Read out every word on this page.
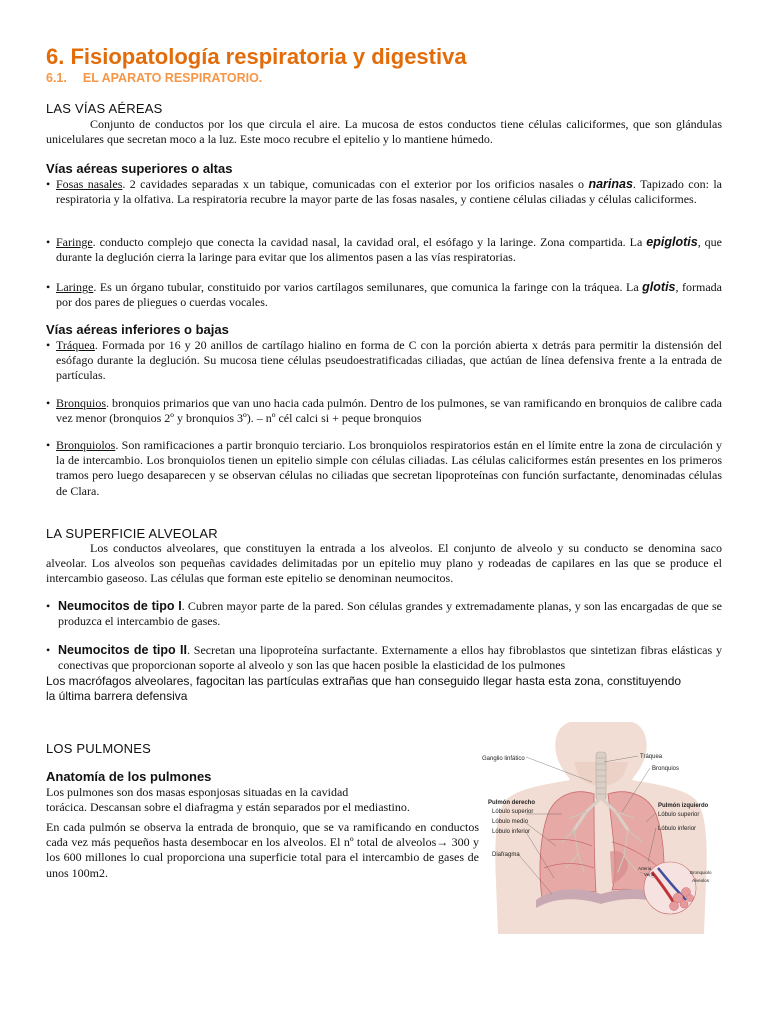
6. Fisiopatología respiratoria y digestiva
6.1. EL APARATO RESPIRATORIO.
LAS VÍAS AÉREAS
Conjunto de conductos por los que circula el aire. La mucosa de estos conductos tiene células caliciformes, que son glándulas unicelulares que secretan moco a la luz. Este moco recubre el epitelio y lo mantiene húmedo.
Vías aéreas superiores o altas
• Fosas nasales. 2 cavidades separadas x un tabique, comunicadas con el exterior por los orificios nasales o narinas. Tapizado con: la respiratoria y la olfativa. La respiratoria recubre la mayor parte de las fosas nasales, y contiene células ciliadas y células caliciformes.
• Faringe. conducto complejo que conecta la cavidad nasal, la cavidad oral, el esófago y la laringe. Zona compartida. La epiglotis, que durante la deglución cierra la laringe para evitar que los alimentos pasen a las vías respiratorias.
• Laringe. Es un órgano tubular, constituido por varios cartílagos semilunares, que comunica la faringe con la tráquea. La glotis, formada por dos pares de pliegues o cuerdas vocales.
Vías aéreas inferiores o bajas
• Tráquea. Formada por 16 y 20 anillos de cartílago hialino en forma de C con la porción abierta x detrás para permitir la distensión del esófago durante la deglución. Su mucosa tiene células pseudoestratificadas ciliadas, que actúan de línea defensiva frente a la entrada de partículas.
• Bronquios. bronquios primarios que van uno hacia cada pulmón. Dentro de los pulmones, se van ramificando en bronquios de calibre cada vez menor (bronquios 2º y bronquios 3º). – nº cél calci si + peque bronquios
• Bronquiolos. Son ramificaciones a partir bronquio terciario. Los bronquiolos respiratorios están en el límite entre la zona de circulación y la de intercambio. Los bronquiolos tienen un epitelio simple con células ciliadas. Las células caliciformes están presentes en los primeros tramos pero luego desaparecen y se observan células no ciliadas que secretan lipoproteínas con función surfactante, denominadas células de Clara.
LA SUPERFICIE ALVEOLAR
Los conductos alveolares, que constituyen la entrada a los alveolos. El conjunto de alveolo y su conducto se denomina saco alveolar. Los alveolos son pequeñas cavidades delimitadas por un epitelio muy plano y rodeadas de capilares en las que se produce el intercambio gaseoso. Las células que forman este epitelio se denominan neumocitos.
• Neumocitos de tipo I. Cubren mayor parte de la pared. Son células grandes y extremadamente planas, y son las encargadas de que se produzca el intercambio de gases.
• Neumocitos de tipo II. Secretan una lipoproteína surfactante. Externamente a ellos hay fibroblastos que sintetizan fibras elásticas y conectivas que proporcionan soporte al alveolo y son las que hacen posible la elasticidad de los pulmones
Los macrófagos alveolares, fagocitan las partículas extrañas que han conseguido llegar hasta esta zona, constituyendo la última barrera defensiva
LOS PULMONES
Anatomía de los pulmones
Los pulmones son dos masas esponjosas situadas en la cavidad
torácica. Descansan sobre el diafragma y están separados por el mediastino.
En cada pulmón se observa la entrada de bronquio, que se va ramificando en conductos cada vez más pequeños hasta desembocar en los alveolos. El nº total de alveolos→ 300 y los 600 millones lo cual proporciona una superficie total para el intercambio de gases de unos 100m2.
Ganglio linfático	Tráquea
Bronquios
Pulmón derecho
Lóbulo superior
Lóbulo medio
Lóbulo inferior
Pulmón izquierdo
Lóbulo superior
Lóbulo inferior
Diafragma
Arteria
Vena	Bronquiolo
Alveolos
